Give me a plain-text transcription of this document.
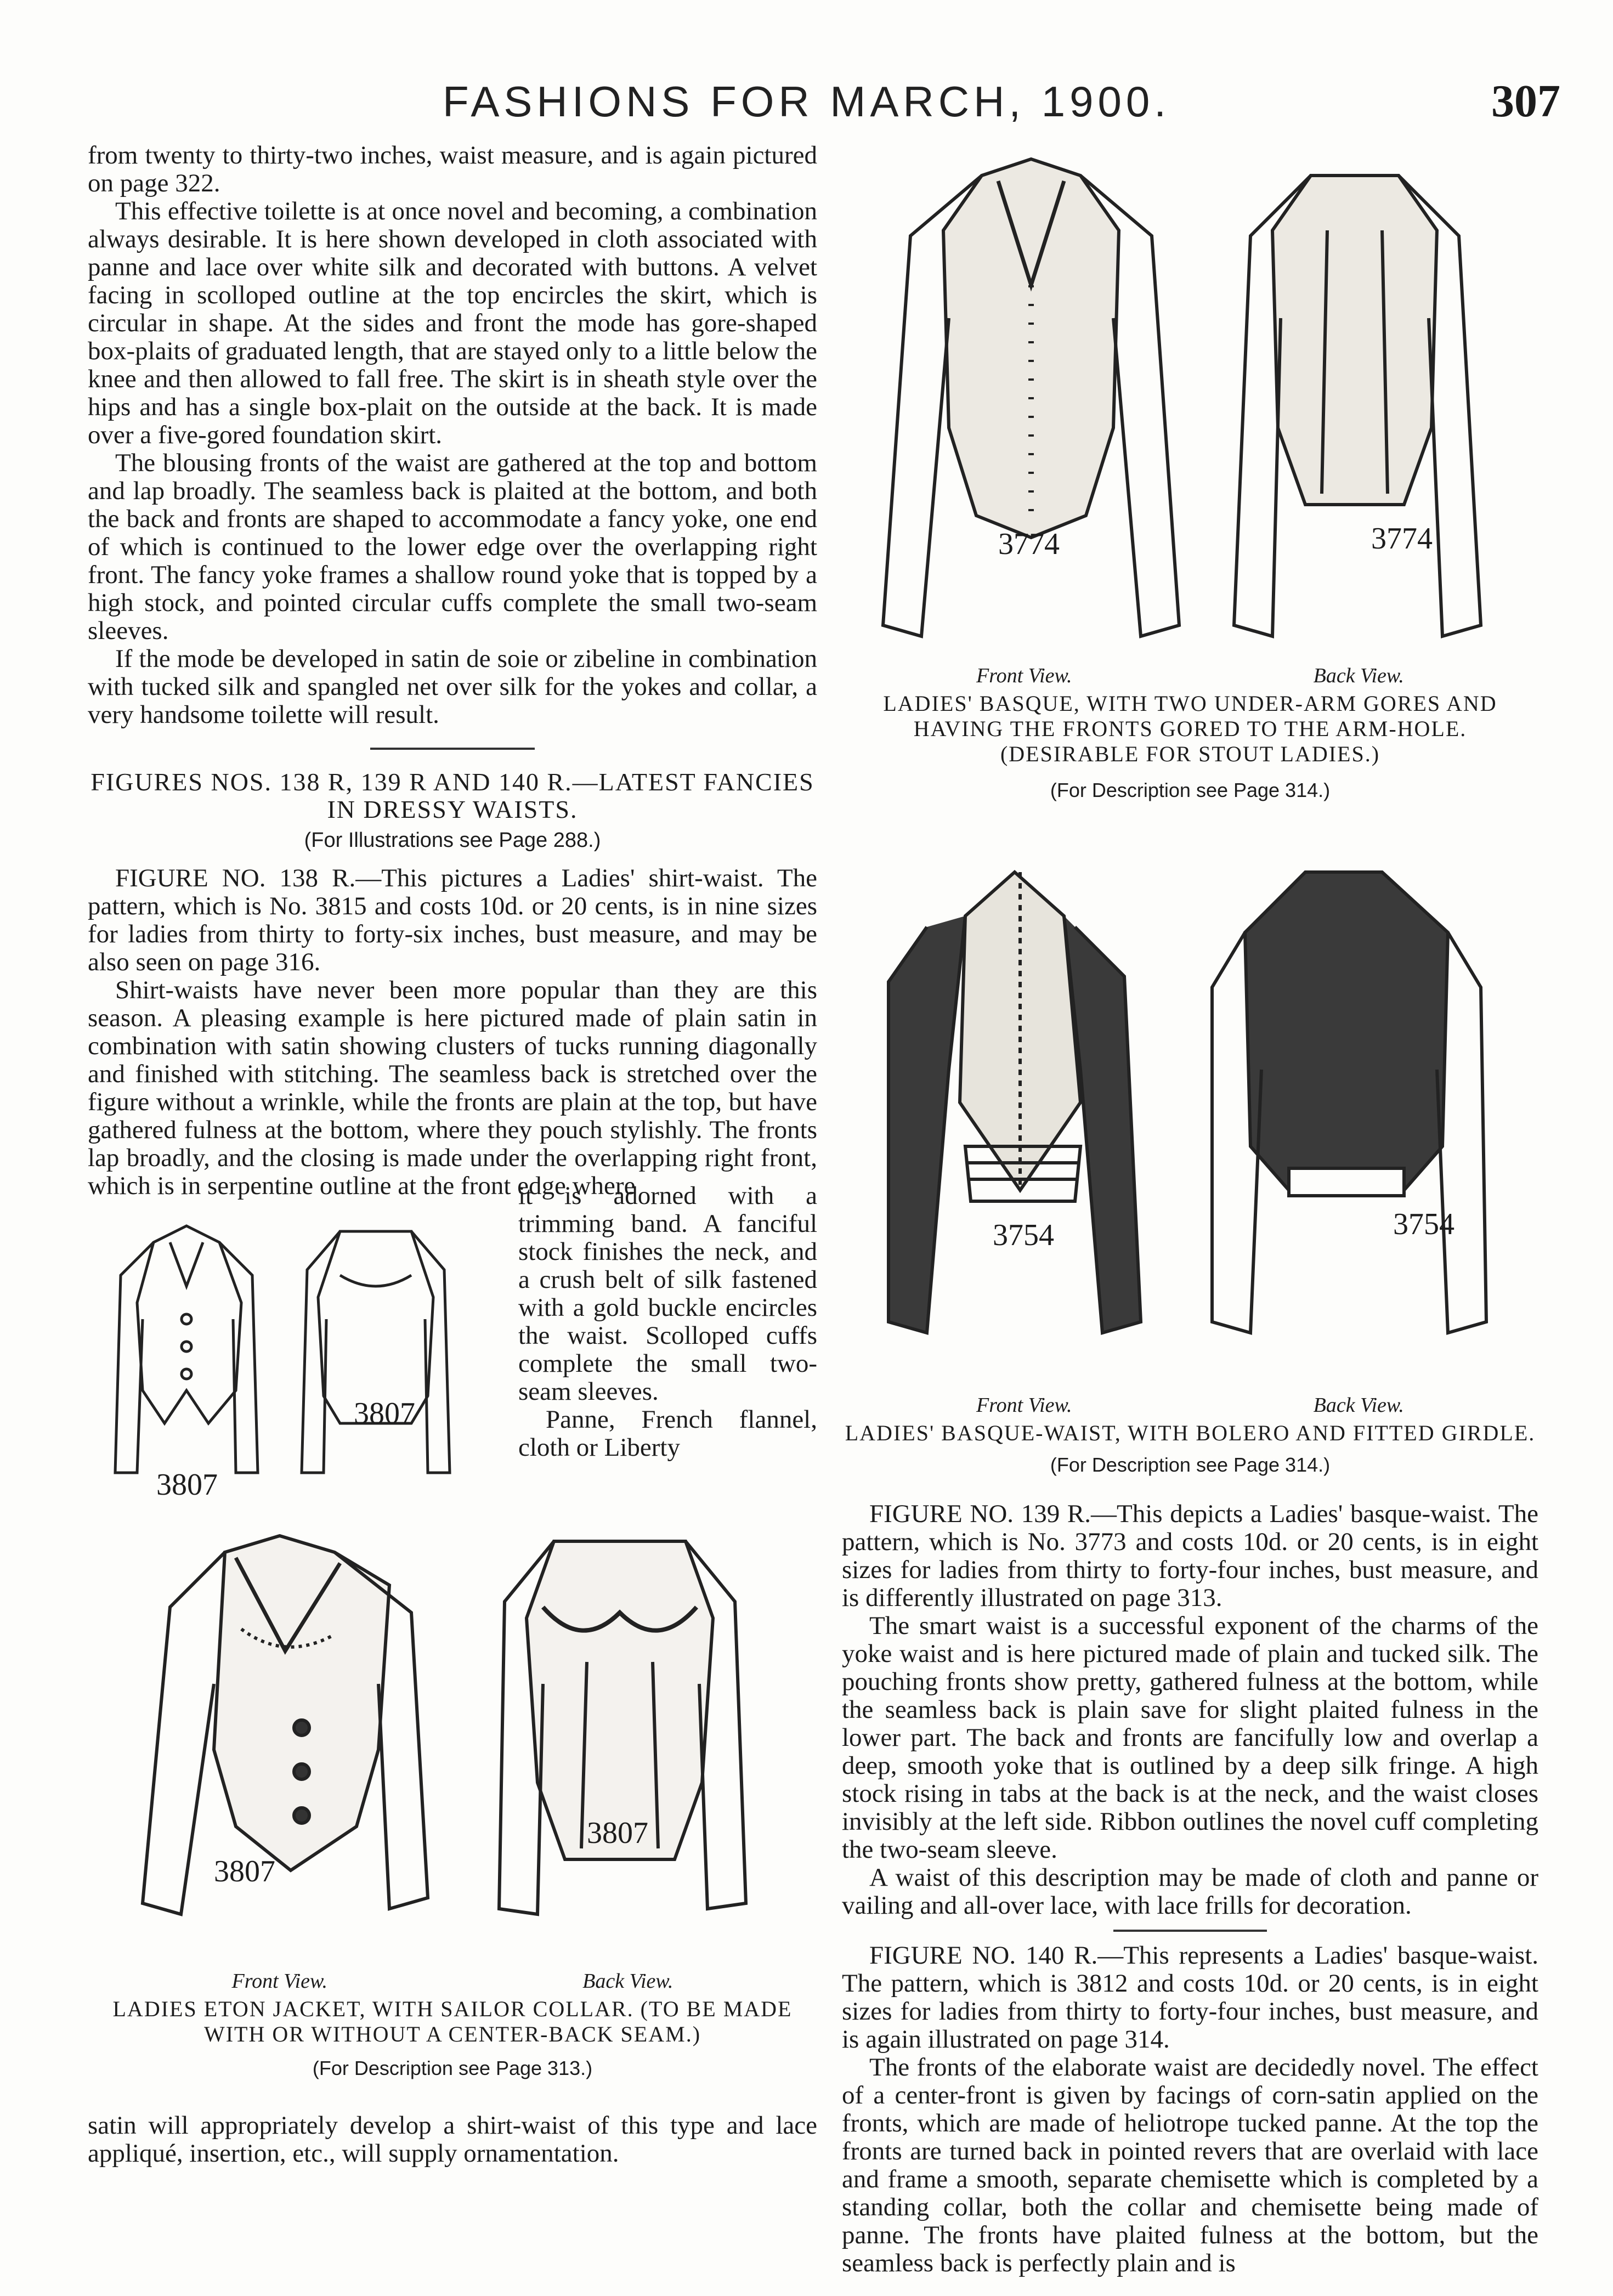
FASHIONS FOR MARCH, 1900.	307

from twenty to thirty-two inches, waist measure, and is again pictured on page 322.

This effective toilette is at once novel and becoming, a combination always desirable. It is here shown developed in cloth associated with panne and lace over white silk and decorated with buttons. A velvet facing in scolloped outline at the top encircles the skirt, which is circular in shape. At the sides and front the mode has gore-shaped box-plaits of graduated length, that are stayed only to a little below the knee and then allowed to fall free. The skirt is in sheath style over the hips and has a single box-plait on the outside at the back. It is made over a five-gored foundation skirt.

The blousing fronts of the waist are gathered at the top and bottom and lap broadly. The seamless back is plaited at the bottom, and both the back and fronts are shaped to accommodate a fancy yoke, one end of which is continued to the lower edge over the overlapping right front. The fancy yoke frames a shallow round yoke that is topped by a high stock, and pointed circular cuffs complete the small two-seam sleeves.

If the mode be developed in satin de soie or zibeline in combination with tucked silk and spangled net over silk for the yokes and collar, a very handsome toilette will result.

FIGURES NOS. 138 R, 139 R AND 140 R.—LATEST FANCIES IN DRESSY WAISTS.
(For Illustrations see Page 288.)

FIGURE NO. 138 R.—This pictures a Ladies' shirt-waist. The pattern, which is No. 3815 and costs 10d. or 20 cents, is in nine sizes for ladies from thirty to forty-six inches, bust measure, and may be also seen on page 316.

Shirt-waists have never been more popular than they are this season. A pleasing example is here pictured made of plain satin in combination with satin showing clusters of tucks running diagonally and finished with stitching. The seamless back is stretched over the figure without a wrinkle, while the fronts are plain at the top, but have gathered fulness at the bottom, where they pouch stylishly. The fronts lap broadly, and the closing is made under the overlapping right front, which is in serpentine outline at the front edge where

3807
3807

it is adorned with a trimming band. A fanciful stock finishes the neck, and a crush belt of silk fastened with a gold buckle encircles the waist. Scolloped cuffs complete the small two-seam sleeves.

Panne, French flannel, cloth or Liberty

3807
3807
Front View.	Back View.
LADIES ETON JACKET, WITH SAILOR COLLAR. (TO BE MADE WITH OR WITHOUT A CENTER-BACK SEAM.)
(For Description see Page 313.)

satin will appropriately develop a shirt-waist of this type and lace appliqué, insertion, etc., will supply ornamentation.

3774	3774
Front View.	Back View.
LADIES' BASQUE, WITH TWO UNDER-ARM GORES AND HAVING THE FRONTS GORED TO THE ARM-HOLE. (DESIRABLE FOR STOUT LADIES.)
(For Description see Page 314.)
3754	3754
Front View.	Back View.
LADIES' BASQUE-WAIST, WITH BOLERO AND FITTED GIRDLE.
(For Description see Page 314.)

FIGURE NO. 139 R.—This depicts a Ladies' basque-waist. The pattern, which is No. 3773 and costs 10d. or 20 cents, is in eight sizes for ladies from thirty to forty-four inches, bust measure, and is differently illustrated on page 313.

The smart waist is a successful exponent of the charms of the yoke waist and is here pictured made of plain and tucked silk. The pouching fronts show pretty, gathered fulness at the bottom, while the seamless back is plain save for slight plaited fulness in the lower part. The back and fronts are fancifully low and overlap a deep, smooth yoke that is outlined by a deep silk fringe. A high stock rising in tabs at the back is at the neck, and the waist closes invisibly at the left side. Ribbon outlines the novel cuff completing the two-seam sleeve.

A waist of this description may be made of cloth and panne or vailing and all-over lace, with lace frills for decoration.

FIGURE NO. 140 R.—This represents a Ladies' basque-waist. The pattern, which is 3812 and costs 10d. or 20 cents, is in eight sizes for ladies from thirty to forty-four inches, bust measure, and is again illustrated on page 314.

The fronts of the elaborate waist are decidedly novel. The effect of a center-front is given by facings of corn-satin applied on the fronts, which are made of heliotrope tucked panne. At the top the fronts are turned back in pointed revers that are overlaid with lace and frame a smooth, separate chemisette which is completed by a standing collar, both the collar and chemisette being made of panne. The fronts have plaited fulness at the bottom, but the seamless back is perfectly plain and is
